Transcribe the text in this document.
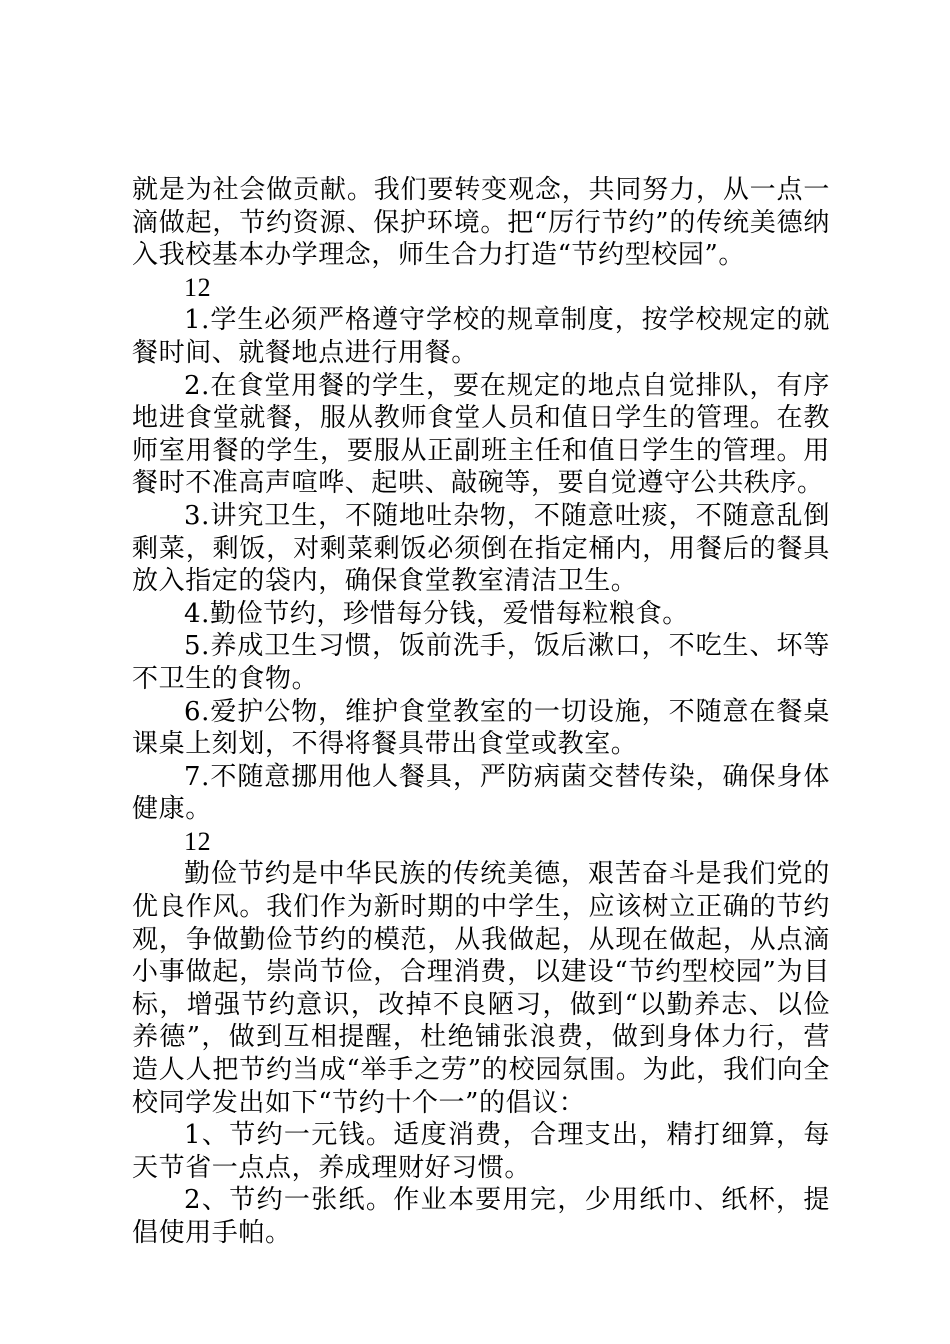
就是为社会做贡献。我们要转变观念，共同努力，从一点一滴做起，节约资源、保护环境。把“厉行节约”的传统美德纳入我校基本办学理念，师生合力打造“节约型校园”。

12

1.学生必须严格遵守学校的规章制度，按学校规定的就餐时间、就餐地点进行用餐。

2.在食堂用餐的学生，要在规定的地点自觉排队，有序地进食堂就餐，服从教师食堂人员和值日学生的管理。在教师室用餐的学生，要服从正副班主任和值日学生的管理。用餐时不准高声喧哗、起哄、敲碗等，要自觉遵守公共秩序。

3.讲究卫生，不随地吐杂物，不随意吐痰，不随意乱倒剩菜，剩饭，对剩菜剩饭必须倒在指定桶内，用餐后的餐具放入指定的袋内，确保食堂教室清洁卫生。

4.勤俭节约，珍惜每分钱，爱惜每粒粮食。

5.养成卫生习惯，饭前洗手，饭后漱口，不吃生、坏等不卫生的食物。

6.爱护公物，维护食堂教室的一切设施，不随意在餐桌课桌上刻划，不得将餐具带出食堂或教室。

7.不随意挪用他人餐具，严防病菌交替传染，确保身体健康。

12

勤俭节约是中华民族的传统美德，艰苦奋斗是我们党的优良作风。我们作为新时期的中学生，应该树立正确的节约观，争做勤俭节约的模范，从我做起，从现在做起，从点滴小事做起，崇尚节俭，合理消费，以建设“节约型校园”为目标，增强节约意识，改掉不良陋习，做到“以勤养志、以俭养德”，做到互相提醒，杜绝铺张浪费，做到身体力行，营造人人把节约当成“举手之劳”的校园氛围。为此，我们向全校同学发出如下“节约十个一”的倡议：

1、节约一元钱。适度消费，合理支出，精打细算，每天节省一点点，养成理财好习惯。

2、节约一张纸。作业本要用完，少用纸巾、纸杯，提倡使用手帕。
